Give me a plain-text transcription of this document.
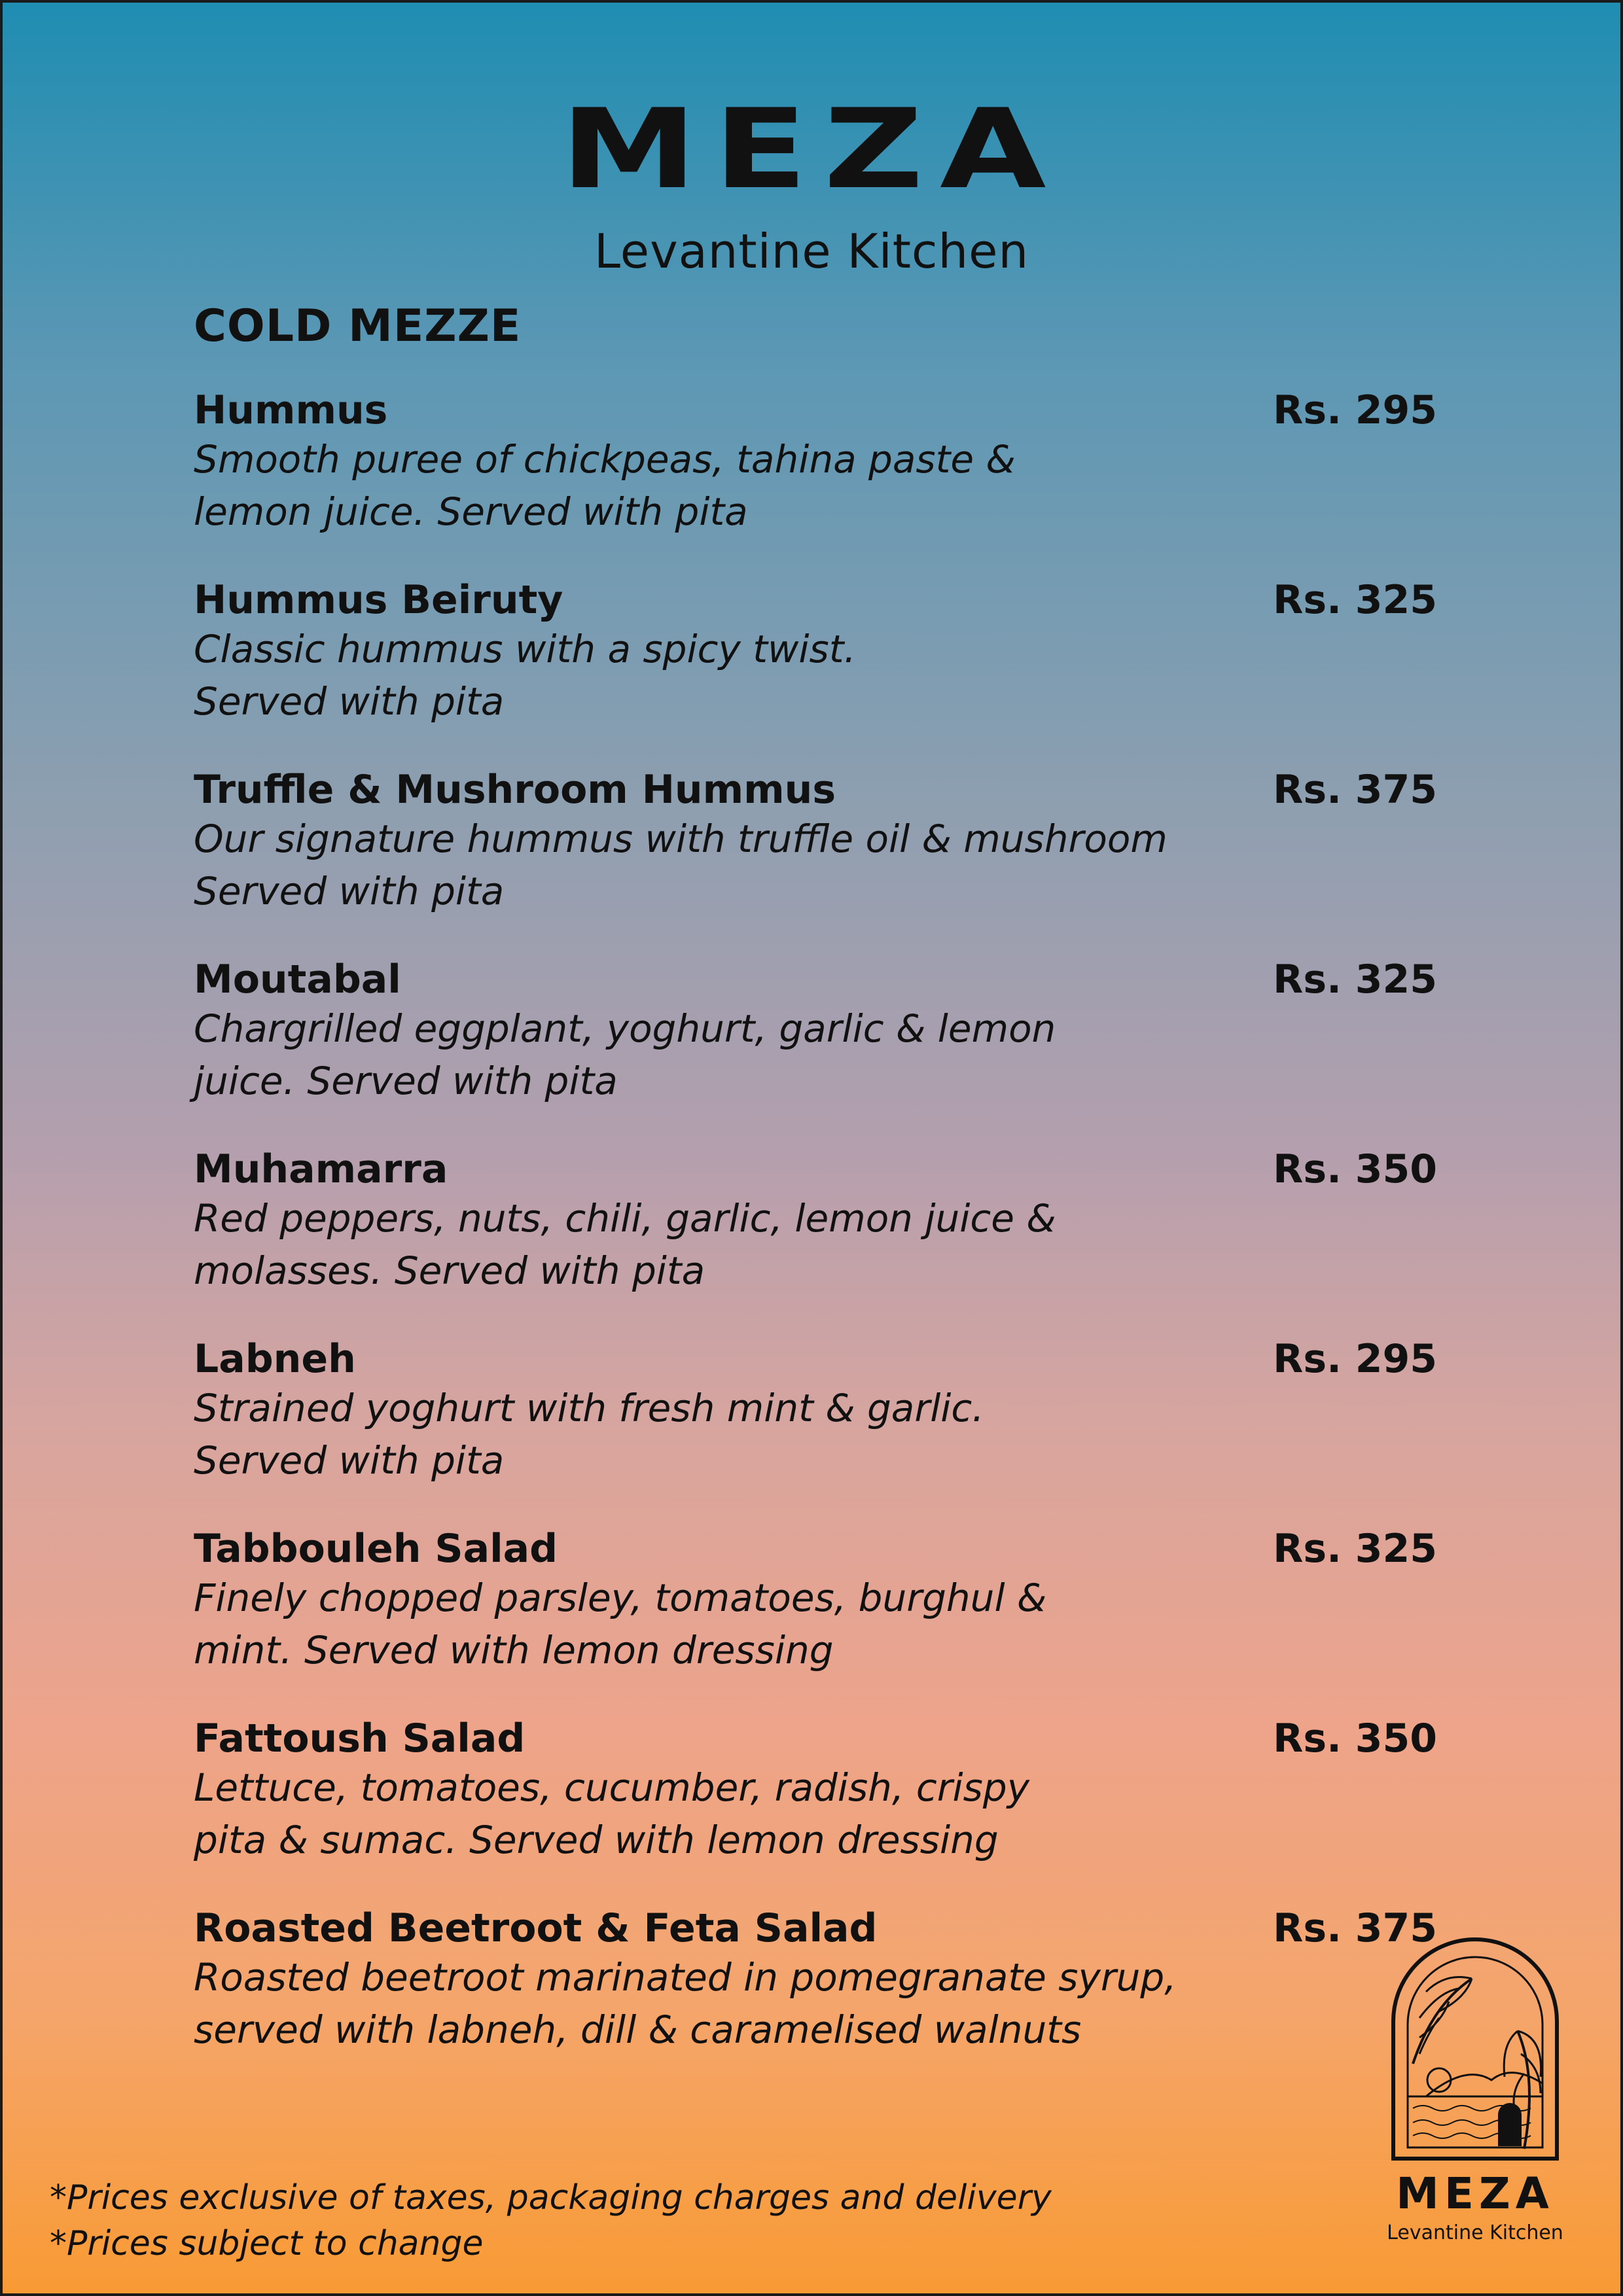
MEZA
Levantine Kitchen
COLD MEZZE
Hummus	Rs. 295
Smooth puree of chickpeas, tahina paste &
lemon juice. Served with pita
Hummus Beiruty	Rs. 325
Classic hummus with a spicy twist.
Served with pita
Truffle & Mushroom Hummus	Rs. 375
Our signature hummus with truffle oil & mushroom
Served with pita
Moutabal	Rs. 325
Chargrilled eggplant, yoghurt, garlic & lemon
juice. Served with pita
Muhamarra	Rs. 350
Red peppers, nuts, chili, garlic, lemon juice &
molasses. Served with pita
Labneh	Rs. 295
Strained yoghurt with fresh mint & garlic.
Served with pita
Tabbouleh Salad	Rs. 325
Finely chopped parsley, tomatoes, burghul &
mint. Served with lemon dressing
Fattoush Salad	Rs. 350
Lettuce, tomatoes, cucumber, radish, crispy
pita & sumac. Served with lemon dressing
Roasted Beetroot & Feta Salad	Rs. 375
Roasted beetroot marinated in pomegranate syrup,
served with labneh, dill & caramelised walnuts
*Prices exclusive of taxes, packaging charges and delivery
*Prices subject to change
MEZA
Levantine Kitchen
